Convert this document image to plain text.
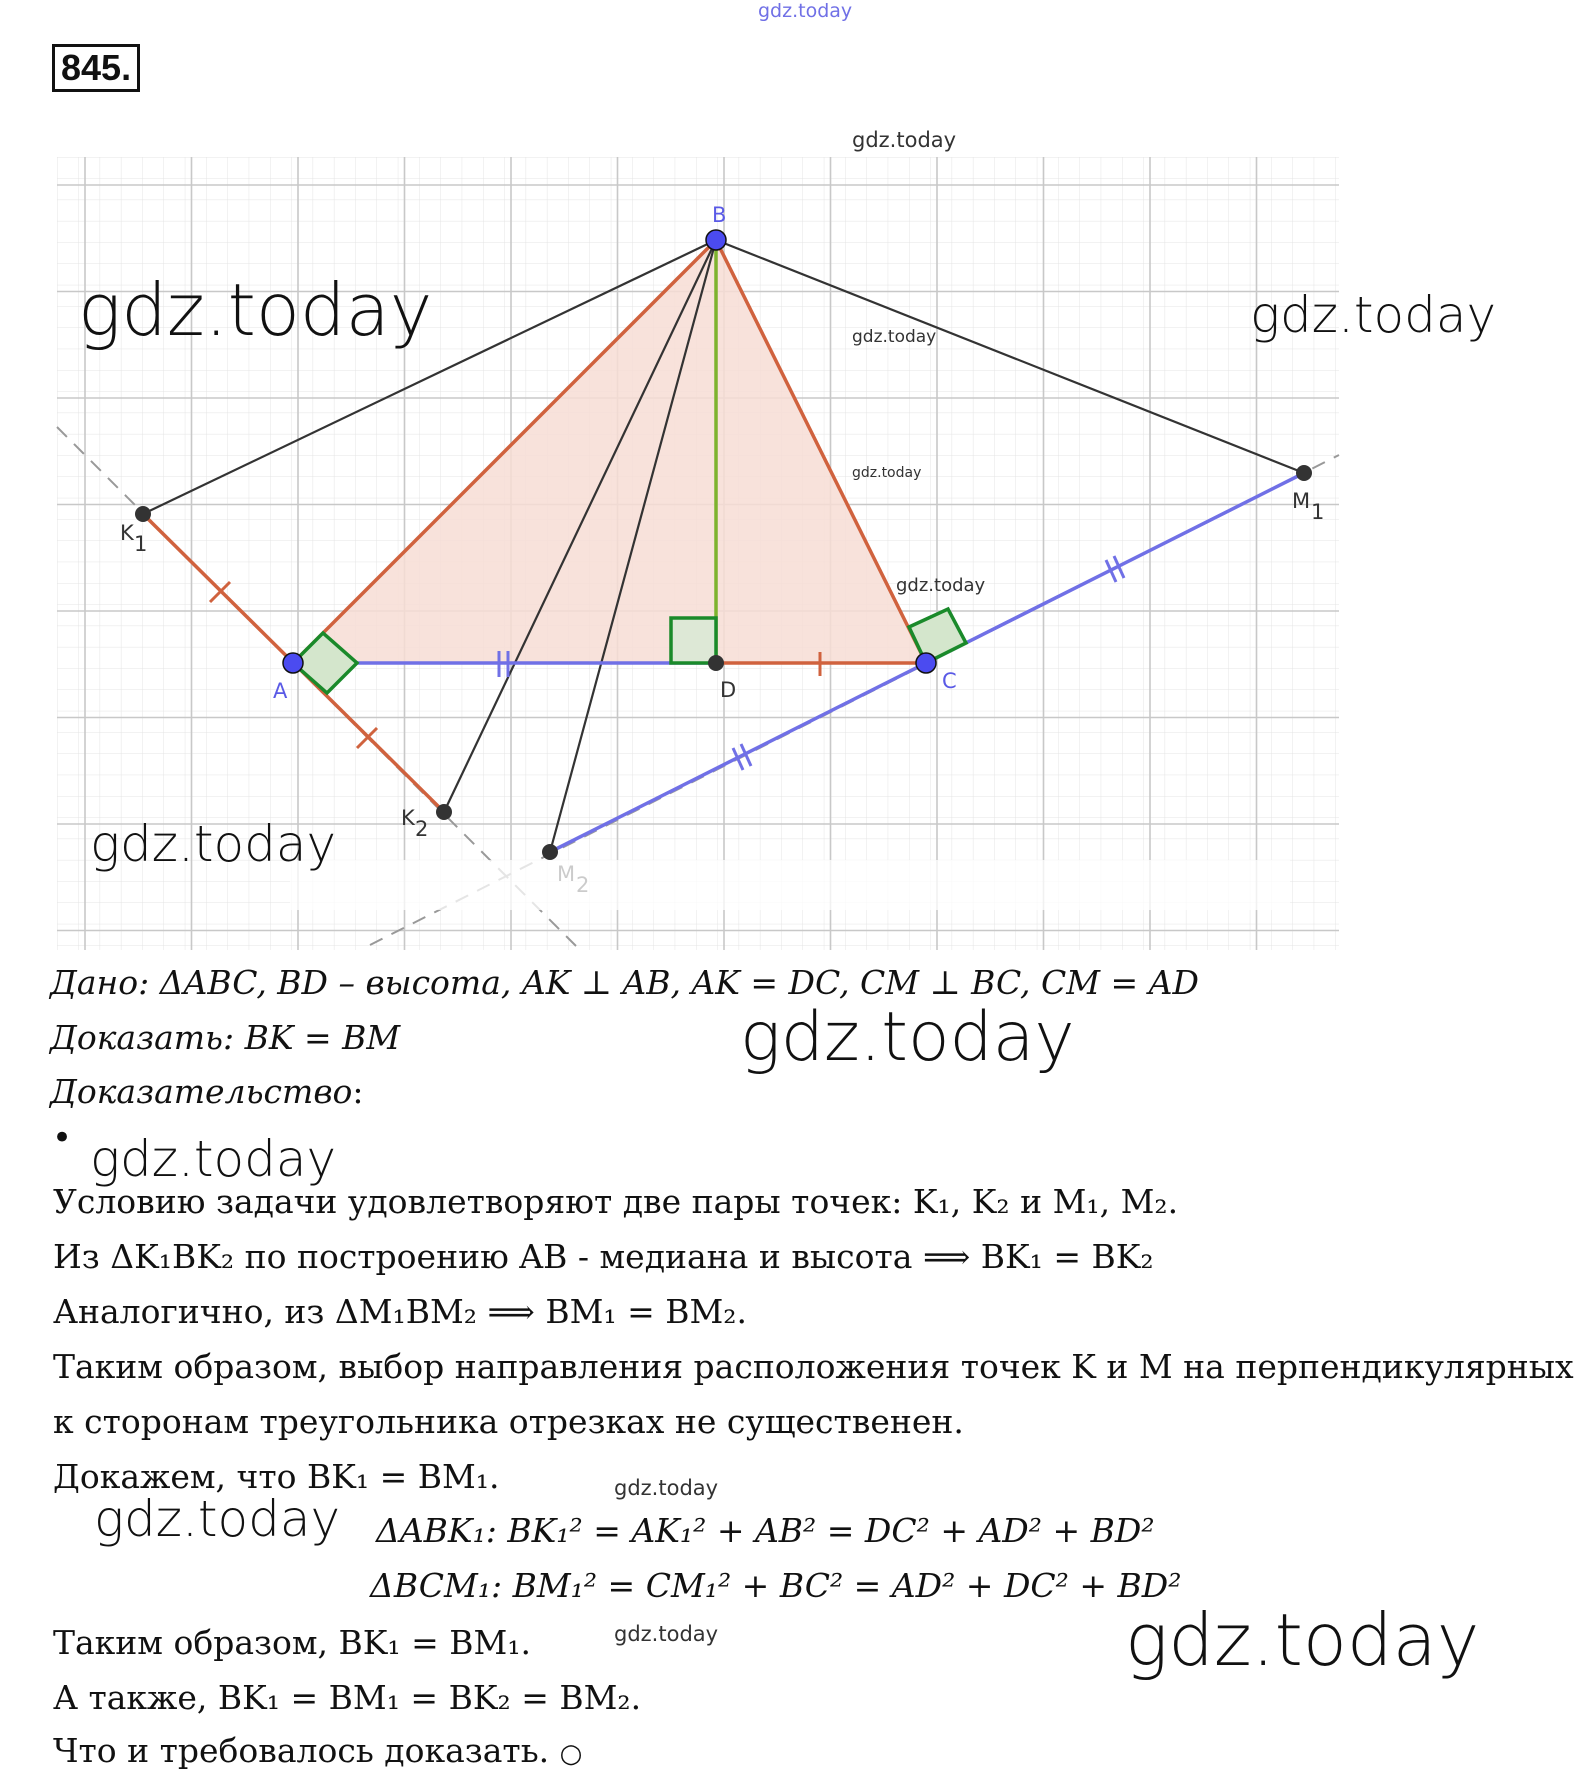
gdz.today
845.
B
A	C
D
K 1
K 2
M 1
gdz.today
gdz.today	gdz.today
gdz.today
gdz.today
gdz.today
gdz.today
Дано: ΔABC, BD – высота, AK ⊥ AB, AK = DC, CM ⊥ BC, CM = AD
Доказать: BK = BM	gdz.today
Доказательство:
• gdz.today
Условию задачи удовлетворяют две пары точек: K₁, K₂ и M₁, M₂.
Из ΔK₁BK₂ по построению AB - медиана и высота ⟹ BK₁ = BK₂
Аналогично, из ΔM₁BM₂ ⟹ BM₁ = BM₂.
Таким образом, выбор направления расположения точек K и M на перпендикулярных
к сторонам треугольника отрезках не существенен.
Докажем, что BK₁ = BM₁.	gdz.today
gdz.today ΔABK₁: BK₁² = AK₁² + AB² = DC² + AD² + BD²
ΔBCM₁: BM₁² = CM₁² + BC² = AD² + DC² + BD²
Таким образом, BK₁ = BM₁.	gdz.today	gdz.today
А также, BK₁ = BM₁ = BK₂ = BM₂.
Что и требовалось доказать. ○
